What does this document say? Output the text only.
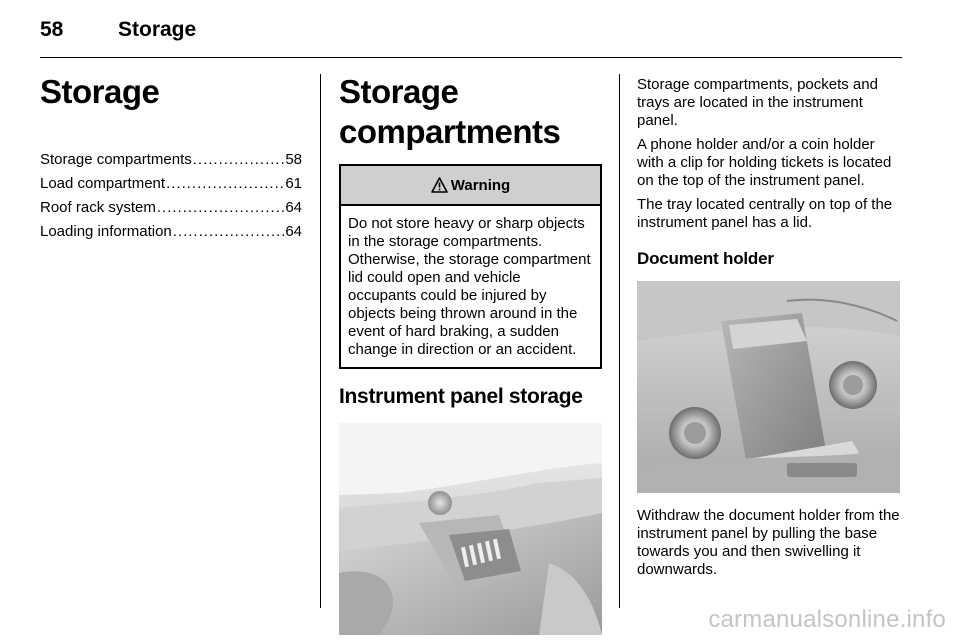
58	Storage
Storage
Storage compartments .....	58
Load compartment .....	61
Roof rack system .....	64
Loading information .....	64
Storage compartments
Warning
Do not store heavy or sharp objects in the storage compartments. Otherwise, the storage compartment lid could open and vehicle occupants could be injured by objects being thrown around in the event of hard braking, a sudden change in direction or an accident.
Instrument panel storage

Storage compartments, pockets and trays are located in the instrument panel.

A phone holder and/or a coin holder with a clip for holding tickets is located on the top of the instrument panel.

The tray located centrally on top of the instrument panel has a lid.

Document holder

Withdraw the document holder from the instrument panel by pulling the base towards you and then swivelling it downwards.

carmanualsonline.info
